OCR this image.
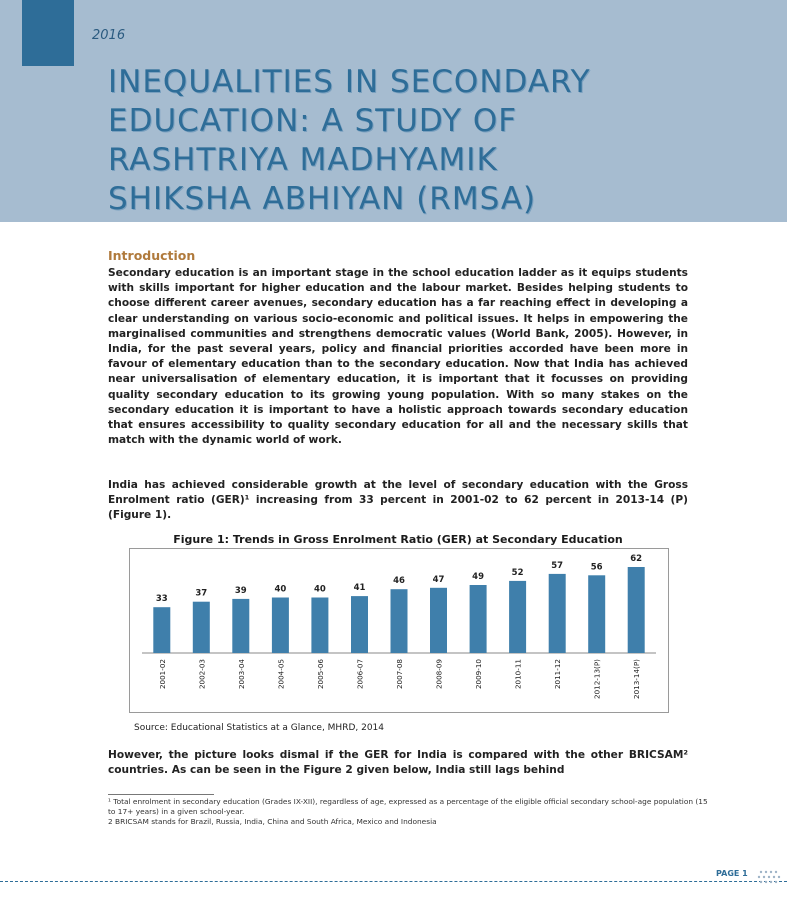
2016
INEQUALITIES IN SECONDARY
EDUCATION: A STUDY OF
RASHTRIYA MADHYAMIK
SHIKSHA ABHIYAN (RMSA)
Introduction
Secondary education is an important stage in the school education ladder as it equips students with skills important for higher education and the labour market. Besides helping students to choose different career avenues, secondary education has a far reaching effect in developing a clear understanding on various socio-economic and political issues. It helps in empowering the marginalised communities and strengthens democratic values (World Bank, 2005). However, in India, for the past several years, policy and financial priorities accorded have been more in favour of elementary education than to the secondary education. Now that India has achieved near universalisation of elementary education, it is important that it focusses on providing quality secondary education to its growing young population. With so many stakes on the secondary education it is important to have a holistic approach towards secondary education that ensures accessibility to quality secondary education for all and the necessary skills that match with the dynamic world of work.
India has achieved considerable growth at the level of secondary education with the Gross Enrolment ratio (GER)¹ increasing from 33 percent in 2001-02 to 62 percent in 2013-14 (P) (Figure 1).
Figure 1: Trends in Gross Enrolment Ratio (GER) at Secondary Education
33
2001-02
37
2002-03
39
2003-04
40
2004-05
40
2005-06
41
2006-07
46
2007-08
47
2008-09
49
2009-10
52
2010-11
57
2011-12
56
2012-13(P)
62
2013-14(P)
Source: Educational Statistics at a Glance, MHRD, 2014
However, the picture looks dismal if the GER for India is compared with the other BRICSAM² countries. As can be seen in the Figure 2 given below, India still lags behind
¹ Total enrolment in secondary education (Grades IX-XII), regardless of age, expressed as a percentage of the eligible official secondary school-age population (15 to 17+ years) in a given school-year.
2 BRICSAM stands for Brazil, Russia, India, China and South Africa, Mexico and Indonesia
PAGE 1
